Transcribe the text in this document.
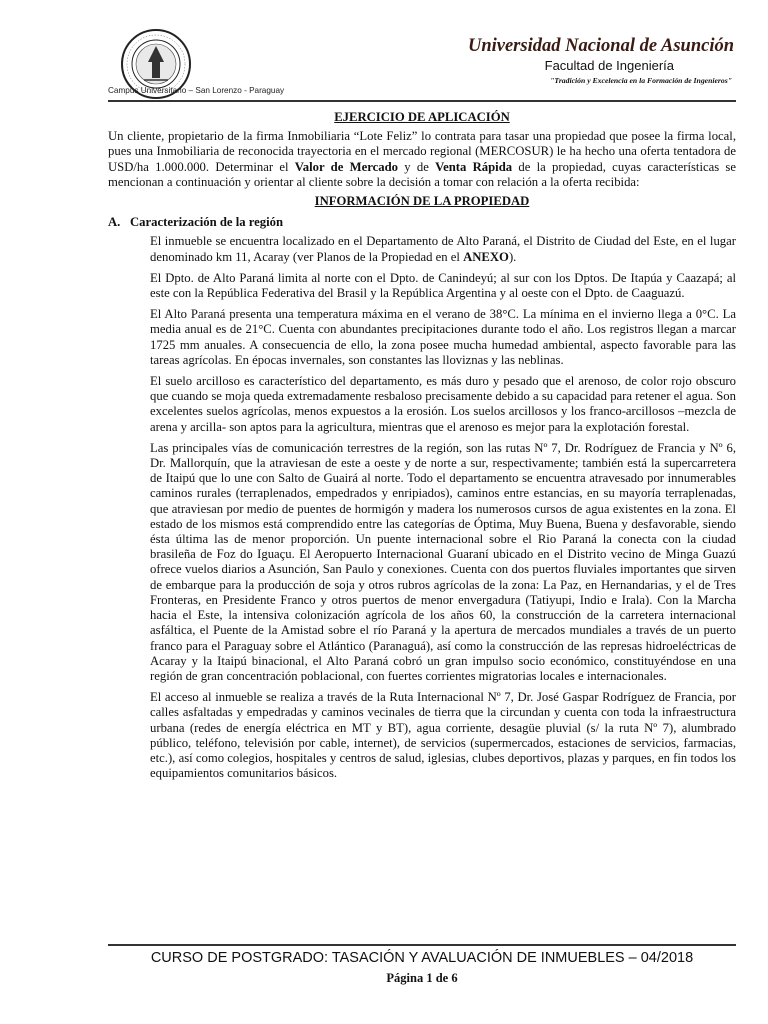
Campus Universitario – San Lorenzo - Paraguay
Universidad Nacional de Asunción
Facultad de Ingeniería
"Tradición y Excelencia en la Formación de Ingenieros"
EJERCICIO DE APLICACIÓN

Un cliente, propietario de la firma Inmobiliaria “Lote Feliz” lo contrata para tasar una propiedad que posee la firma local, pues una Inmobiliaria de reconocida trayectoria en el mercado regional (MERCOSUR) le ha hecho una oferta tentadora de USD/ha 1.000.000. Determinar el Valor de Mercado y de Venta Rápida de la propiedad, cuyas características se mencionan a continuación y orientar al cliente sobre la decisión a tomar con relación a la oferta recibida:

INFORMACIÓN DE LA PROPIEDAD
A. Caracterización de la región

El inmueble se encuentra localizado en el Departamento de Alto Paraná, el Distrito de Ciudad del Este, en el lugar denominado km 11, Acaray (ver Planos de la Propiedad en el ANEXO).

El Dpto. de Alto Paraná limita al norte con el Dpto. de Canindeyú; al sur con los Dptos. De Itapúa y Caazapá; al este con la República Federativa del Brasil y la República Argentina y al oeste con el Dpto. de Caaguazú.

El Alto Paraná presenta una temperatura máxima en el verano de 38°C. La mínima en el invierno llega a 0°C. La media anual es de 21°C. Cuenta con abundantes precipitaciones durante todo el año. Los registros llegan a marcar 1725 mm anuales. A consecuencia de ello, la zona posee mucha humedad ambiental, aspecto favorable para las tareas agrícolas. En épocas invernales, son constantes las lloviznas y las neblinas.

El suelo arcilloso es característico del departamento, es más duro y pesado que el arenoso, de color rojo obscuro que cuando se moja queda extremadamente resbaloso precisamente debido a su capacidad para retener el agua. Son excelentes suelos agrícolas, menos expuestos a la erosión. Los suelos arcillosos y los franco-arcillosos –mezcla de arena y arcilla- son aptos para la agricultura, mientras que el arenoso es mejor para la explotación forestal.

Las principales vías de comunicación terrestres de la región, son las rutas Nº 7, Dr. Rodríguez de Francia y Nº 6, Dr. Mallorquín, que la atraviesan de este a oeste y de norte a sur, respectivamente; también está la supercarretera de Itaipú que lo une con Salto de Guairá al norte. Todo el departamento se encuentra atravesado por innumerables caminos rurales (terraplenados, empedrados y enripiados), caminos entre estancias, en su mayoría terraplenadas, que atraviesan por medio de puentes de hormigón y madera los numerosos cursos de agua existentes en la zona. El estado de los mismos está comprendido entre las categorías de Óptima, Muy Buena, Buena y desfavorable, siendo ésta última las de menor proporción. Un puente internacional sobre el Rio Paraná la conecta con la ciudad brasileña de Foz do Iguaçu. El Aeropuerto Internacional Guaraní ubicado en el Distrito vecino de Minga Guazú ofrece vuelos diarios a Asunción, San Paulo y conexiones. Cuenta con dos puertos fluviales importantes que sirven de embarque para la producción de soja y otros rubros agrícolas de la zona: La Paz, en Hernandarias, y el de Tres Fronteras, en Presidente Franco y otros puertos de menor envergadura (Tatiyupi, Indio e Irala). Con la Marcha hacia el Este, la intensiva colonización agrícola de los años 60, la construcción de la carretera internacional asfáltica, el Puente de la Amistad sobre el río Paraná y la apertura de mercados mundiales a través de un puerto franco para el Paraguay sobre el Atlántico (Paranaguá), así como la construcción de las represas hidroeléctricas de Acaray y la Itaipú binacional, el Alto Paraná cobró un gran impulso socio económico, constituyéndose en una región de gran concentración poblacional, con fuertes corrientes migratorias locales e internacionales.

El acceso al inmueble se realiza a través de la Ruta Internacional Nº 7, Dr. José Gaspar Rodríguez de Francia, por calles asfaltadas y empedradas y caminos vecinales de tierra que la circundan y cuenta con toda la infraestructura urbana (redes de energía eléctrica en MT y BT), agua corriente, desagüe pluvial (s/ la ruta Nº 7), alumbrado público, teléfono, televisión por cable, internet), de servicios (supermercados, estaciones de servicios, farmacias, etc.), así como colegios, hospitales y centros de salud, iglesias, clubes deportivos, plazas y parques, en fin todos los equipamientos comunitarios básicos.

CURSO DE POSTGRADO: TASACIÓN Y AVALUACIÓN DE INMUEBLES – 04/2018
Página 1 de 6
